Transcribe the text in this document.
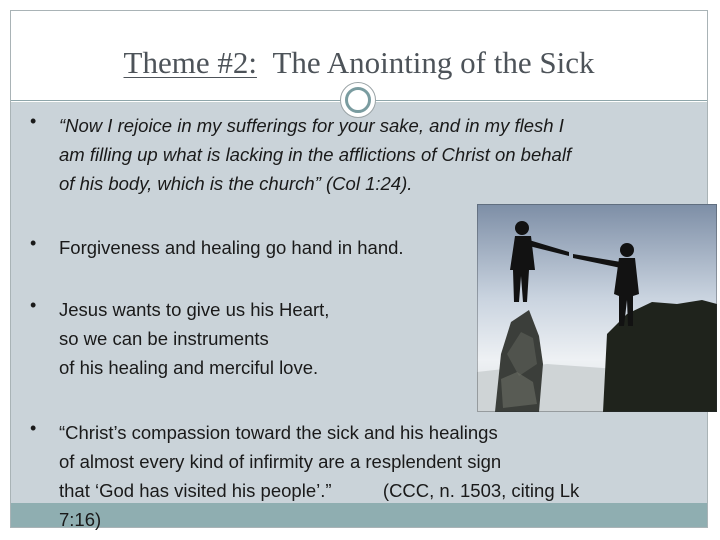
Theme #2: The Anointing of the Sick
• “Now I rejoice in my sufferings for your sake, and in my flesh I
am filling up what is lacking in the afflictions of Christ on behalf
of his body, which is the church” (Col 1:24).
• Forgiveness and healing go hand in hand.
• Jesus wants to give us his Heart,
so we can be instruments
of his healing and merciful love.
• “Christ’s compassion toward the sick and his healings
of almost every kind of infirmity are a resplendent sign
that ‘God has visited his people’.”          (CCC, n. 1503, citing Lk
7:16)
